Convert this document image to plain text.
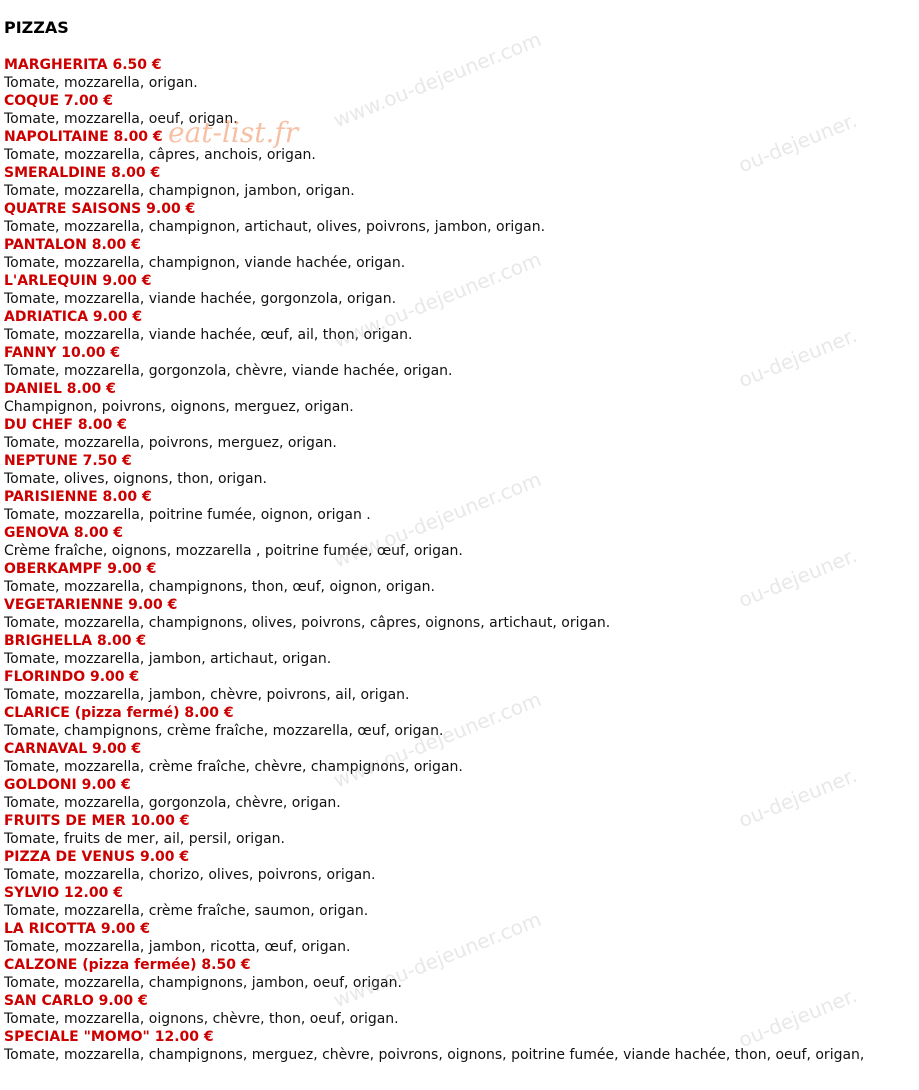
PIZZAS
MARGHERITA 6.50 €
Tomate, mozzarella, origan.
COQUE 7.00 €
Tomate, mozzarella, oeuf, origan.
NAPOLITAINE 8.00 €
Tomate, mozzarella, câpres, anchois, origan.
SMERALDINE 8.00 €
Tomate, mozzarella, champignon, jambon, origan.
QUATRE SAISONS 9.00 €
Tomate, mozzarella, champignon, artichaut, olives, poivrons, jambon, origan.
PANTALON 8.00 €
Tomate, mozzarella, champignon, viande hachée, origan.
L'ARLEQUIN 9.00 €
Tomate, mozzarella, viande hachée, gorgonzola, origan.
ADRIATICA 9.00 €
Tomate, mozzarella, viande hachée, œuf, ail, thon, origan.
FANNY 10.00 €
Tomate, mozzarella, gorgonzola, chèvre, viande hachée, origan.
DANIEL 8.00 €
Champignon, poivrons, oignons, merguez, origan.
DU CHEF 8.00 €
Tomate, mozzarella, poivrons, merguez, origan.
NEPTUNE 7.50 €
Tomate, olives, oignons, thon, origan.
PARISIENNE 8.00 €
Tomate, mozzarella, poitrine fumée, oignon, origan .
GENOVA 8.00 €
Crème fraîche, oignons, mozzarella , poitrine fumée, œuf, origan.
OBERKAMPF 9.00 €
Tomate, mozzarella, champignons, thon, œuf, oignon, origan.
VEGETARIENNE 9.00 €
Tomate, mozzarella, champignons, olives, poivrons, câpres, oignons, artichaut, origan.
BRIGHELLA 8.00 €
Tomate, mozzarella, jambon, artichaut, origan.
FLORINDO 9.00 €
Tomate, mozzarella, jambon, chèvre, poivrons, ail, origan.
CLARICE (pizza fermé) 8.00 €
Tomate, champignons, crème fraîche, mozzarella, œuf, origan.
CARNAVAL 9.00 €
Tomate, mozzarella, crème fraîche, chèvre, champignons, origan.
GOLDONI 9.00 €
Tomate, mozzarella, gorgonzola, chèvre, origan.
FRUITS DE MER 10.00 €
Tomate, fruits de mer, ail, persil, origan.
PIZZA DE VENUS 9.00 €
Tomate, mozzarella, chorizo, olives, poivrons, origan.
SYLVIO 12.00 €
Tomate, mozzarella, crème fraîche, saumon, origan.
LA RICOTTA 9.00 €
Tomate, mozzarella, jambon, ricotta, œuf, origan.
CALZONE (pizza fermée) 8.50 €
Tomate, mozzarella, champignons, jambon, oeuf, origan.
SAN CARLO 9.00 €
Tomate, mozzarella, oignons, chèvre, thon, oeuf, origan.
SPECIALE "MOMO" 12.00 €
Tomate, mozzarella, champignons, merguez, chèvre, poivrons, oignons, poitrine fumée, viande hachée, thon, oeuf, origan,
eat-list.fr
www.ou-dejeuner.com
ou-dejeuner.
www.ou-dejeuner.com
ou-dejeuner.
www.ou-dejeuner.com
ou-dejeuner.
www.ou-dejeuner.com
ou-dejeuner.
www.ou-dejeuner.com
ou-dejeuner.
